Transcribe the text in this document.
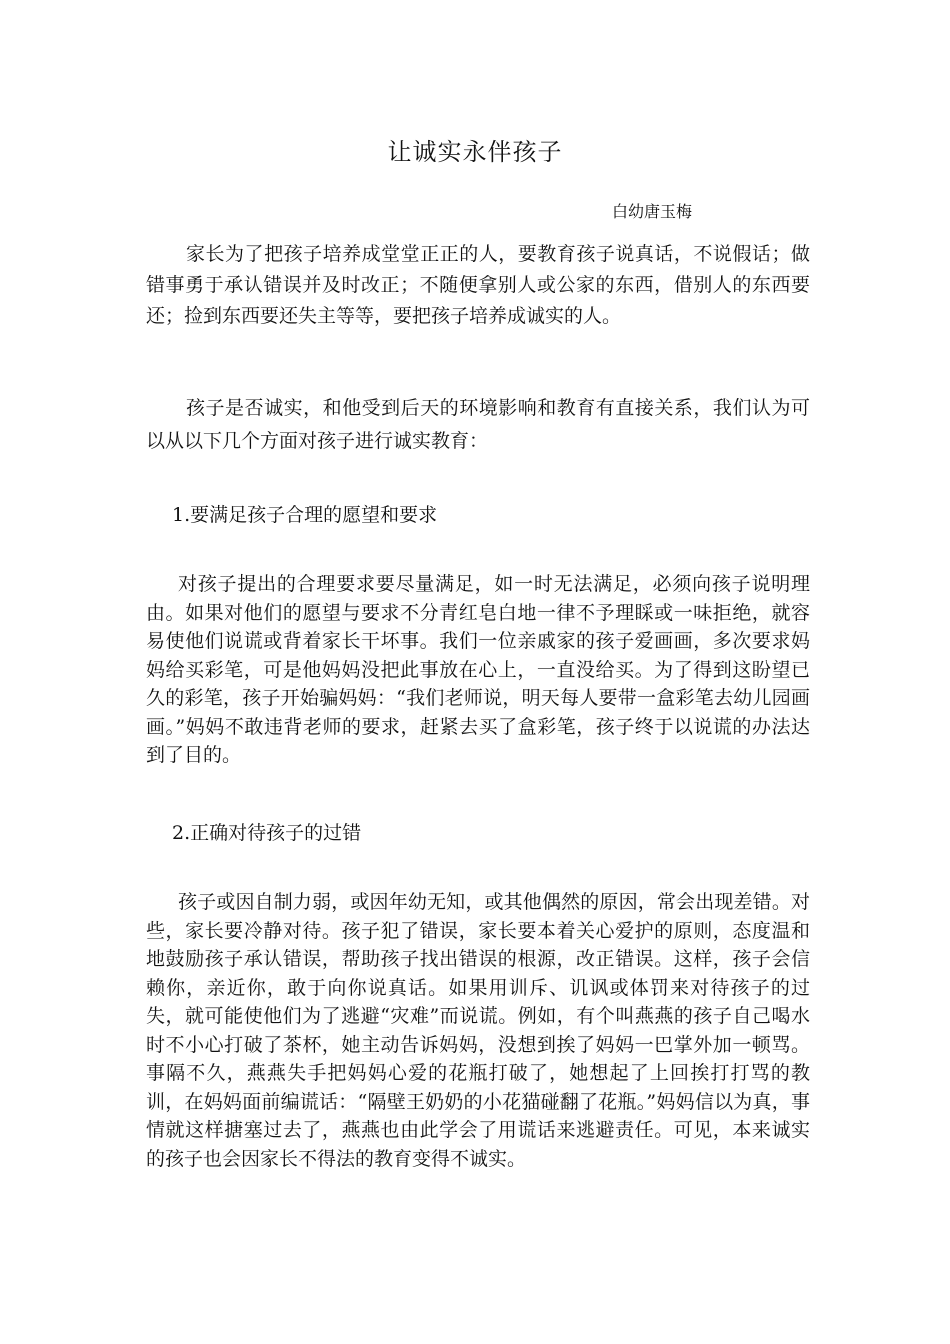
让诚实永伴孩子
白幼唐玉梅

家长为了把孩子培养成堂堂正正的人，要教育孩子说真话，不说假话；做错事勇于承认错误并及时改正；不随便拿别人或公家的东西，借别人的东西要还；捡到东西要还失主等等，要把孩子培养成诚实的人。

孩子是否诚实，和他受到后天的环境影响和教育有直接关系，我们认为可以从以下几个方面对孩子进行诚实教育：

1.要满足孩子合理的愿望和要求

对孩子提出的合理要求要尽量满足，如一时无法满足，必须向孩子说明理由。如果对他们的愿望与要求不分青红皂白地一律不予理睬或一味拒绝，就容易使他们说谎或背着家长干坏事。我们一位亲戚家的孩子爱画画，多次要求妈妈给买彩笔，可是他妈妈没把此事放在心上，一直没给买。为了得到这盼望已久的彩笔，孩子开始骗妈妈：“我们老师说，明天每人要带一盒彩笔去幼儿园画画。”妈妈不敢违背老师的要求，赶紧去买了盒彩笔，孩子终于以说谎的办法达到了目的。

2.正确对待孩子的过错

孩子或因自制力弱，或因年幼无知，或其他偶然的原因，常会出现差错。对些，家长要冷静对待。孩子犯了错误，家长要本着关心爱护的原则，态度温和地鼓励孩子承认错误，帮助孩子找出错误的根源，改正错误。这样，孩子会信赖你，亲近你，敢于向你说真话。如果用训斥、讥讽或体罚来对待孩子的过失，就可能使他们为了逃避“灾难”而说谎。例如，有个叫燕燕的孩子自己喝水时不小心打破了茶杯，她主动告诉妈妈，没想到挨了妈妈一巴掌外加一顿骂。事隔不久，燕燕失手把妈妈心爱的花瓶打破了，她想起了上回挨打打骂的教训，在妈妈面前编谎话：“隔壁王奶奶的小花猫碰翻了花瓶。”妈妈信以为真，事情就这样搪塞过去了，燕燕也由此学会了用谎话来逃避责任。可见，本来诚实的孩子也会因家长不得法的教育变得不诚实。
